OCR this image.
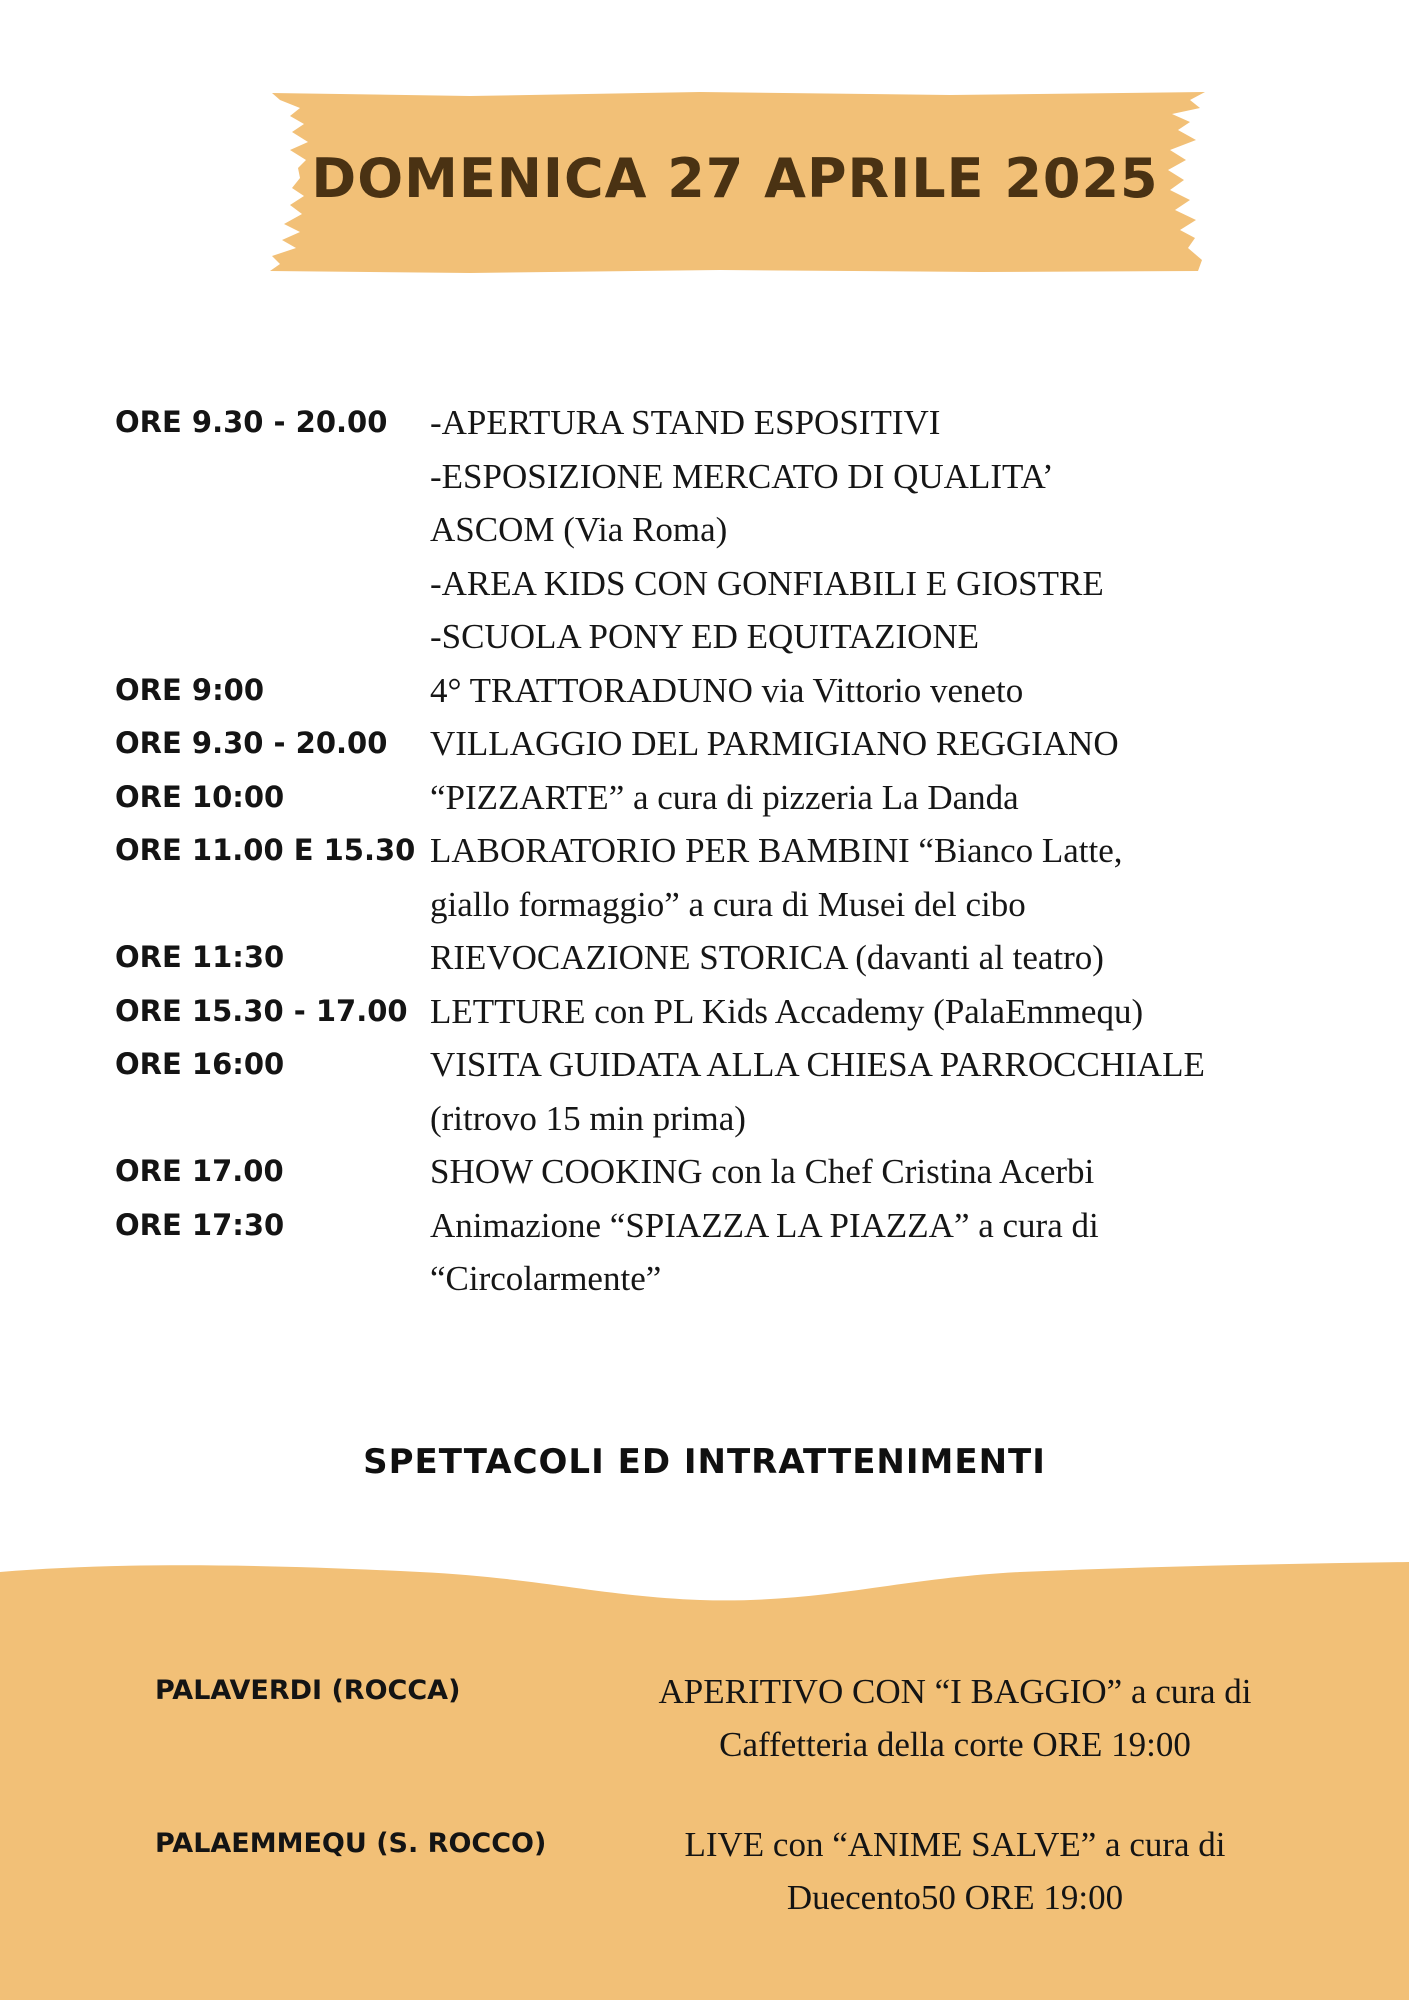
DOMENICA 27 APRILE 2025
ORE 9.30 - 20.00	-APERTURA STAND ESPOSITIVI
-ESPOSIZIONE MERCATO DI QUALITA’
ASCOM (Via Roma)
-AREA KIDS CON GONFIABILI E GIOSTRE
-SCUOLA PONY ED EQUITAZIONE
ORE 9:00	4° TRATTORADUNO via Vittorio veneto
ORE 9.30 - 20.00	VILLAGGIO DEL PARMIGIANO REGGIANO
ORE 10:00	“PIZZARTE” a cura di pizzeria La Danda
ORE 11.00 E 15.30 LABORATORIO PER BAMBINI “Bianco Latte,
giallo formaggio” a cura di Musei del cibo
ORE 11:30	RIEVOCAZIONE STORICA (davanti al teatro)
ORE 15.30 - 17.00 LETTURE con PL Kids Accademy (PalaEmmequ)
ORE 16:00	VISITA GUIDATA ALLA CHIESA PARROCCHIALE
(ritrovo 15 min prima)
ORE 17.00	SHOW COOKING con la Chef Cristina Acerbi
ORE 17:30	Animazione “SPIAZZA LA PIAZZA” a cura di
“Circolarmente”
SPETTACOLI ED INTRATTENIMENTI
PALAVERDI (ROCCA)	APERITIVO CON “I BAGGIO” a cura di
Caffetteria della corte ORE 19:00
PALAEMMEQU (S. ROCCO)	LIVE con “ANIME SALVE” a cura di
Duecento50 ORE 19:00
